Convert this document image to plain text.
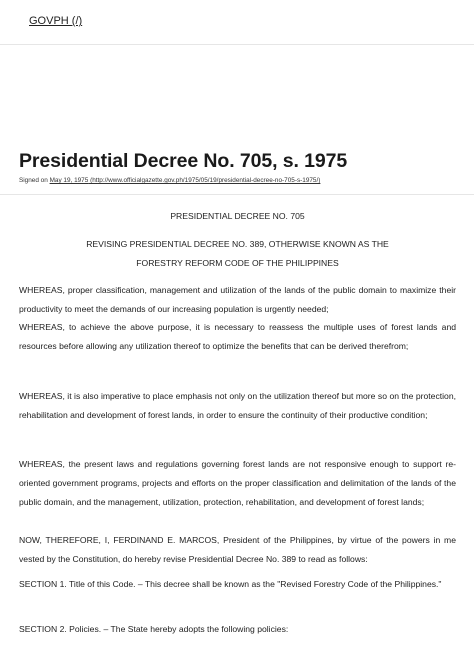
GOVPH (/)
Presidential Decree No. 705, s. 1975
Signed on May 19, 1975 (http://www.officialgazette.gov.ph/1975/05/19/presidential-decree-no-705-s-1975/)

PRESIDENTIAL DECREE NO. 705

REVISING PRESIDENTIAL DECREE NO. 389, OTHERWISE KNOWN AS THE

FORESTRY REFORM CODE OF THE PHILIPPINES

WHEREAS, proper classification, management and utilization of the lands of the public domain to maximize their productivity to meet the demands of our increasing population is urgently needed;

WHEREAS, to achieve the above purpose, it is necessary to reassess the multiple uses of forest lands and resources before allowing any utilization thereof to optimize the benefits that can be derived therefrom;

WHEREAS, it is also imperative to place emphasis not only on the utilization thereof but more so on the protection, rehabilitation and development of forest lands, in order to ensure the continuity of their productive condition;

WHEREAS, the present laws and regulations governing forest lands are not responsive enough to support re-oriented government programs, projects and efforts on the proper classification and delimitation of the lands of the public domain, and the management, utilization, protection, rehabilitation, and development of forest lands;

NOW, THEREFORE, I, FERDINAND E. MARCOS, President of the Philippines, by virtue of the powers in me vested by the Constitution, do hereby revise Presidential Decree No. 389 to read as follows:

SECTION 1. Title of this Code. – This decree shall be known as the "Revised Forestry Code of the Philippines."

SECTION 2. Policies. – The State hereby adopts the following policies:
